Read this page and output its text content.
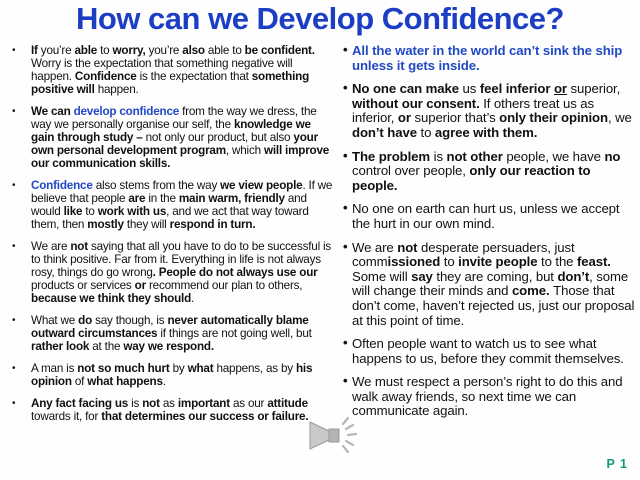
How can we Develop Confidence?
• If you’re able to worry, you’re also able to be confident. Worry is the expectation that something negative will happen. Confidence is the expectation that something positive will happen.
• We can develop confidence from the way we dress, the way we personally organise our self, the knowledge we gain through study – not only our product, but also your own personal development program, which will improve our communication skills.
• Confidence also stems from the way we view people. If we believe that people are in the main warm, friendly and would like to work with us, and we act that way toward them, then mostly they will respond in turn.
• We are not saying that all you have to do to be successful is to think positive. Far from it. Everything in life is not always rosy, things do go wrong. People do not always use our products or services or recommend our plan to others, because we think they should.
• What we do say though, is never automatically blame outward circumstances if things are not going well, but rather look at the way we respond.
• A man is not so much hurt by what happens, as by his opinion of what happens.
• Any fact facing us is not as important as our attitude towards it, for that determines our success or failure.
• All the water in the world can’t sink the ship unless it gets inside.
• No one can make us feel inferior or superior, without our consent. If others treat us as inferior, or superior that’s only their opinion, we don’t have to agree with them.
• The problem is not other people, we have no control over people, only our reaction to people.
• No one on earth can hurt us, unless we accept the hurt in our own mind.
• We are not desperate persuaders, just commissioned to invite people to the feast. Some will say they are coming, but don’t, some will change their minds and come. Those that don’t come, haven’t rejected us, just our proposal at this point of time.
• Often people want to watch us to see what happens to us, before they commit themselves.
• We must respect a person’s right to do this and walk away friends, so next time we can communicate again.
P 1
